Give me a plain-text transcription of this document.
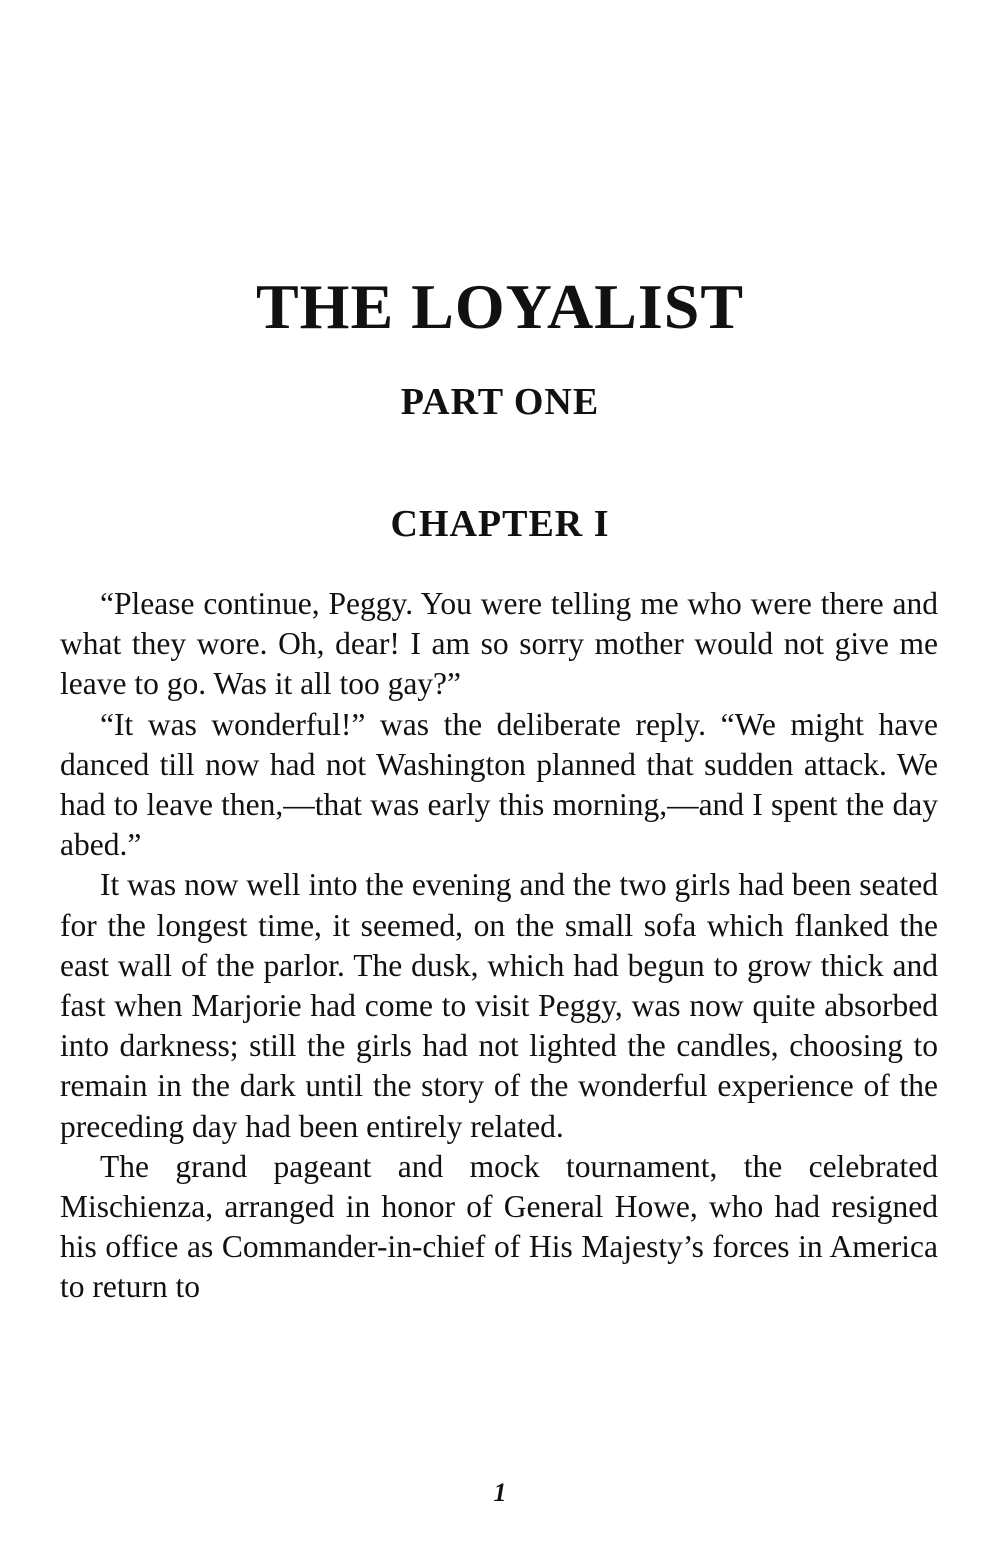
THE LOYALIST
PART ONE
CHAPTER I

“Please continue, Peggy. You were telling me who were there and what they wore. Oh, dear! I am so sorry mother would not give me leave to go. Was it all too gay?”

“It was wonderful!” was the deliberate reply. “We might have danced till now had not Washington planned that sudden attack. We had to leave then,—that was early this morning,—and I spent the day abed.”

It was now well into the evening and the two girls had been seated for the longest time, it seemed, on the small sofa which flanked the east wall of the parlor. The dusk, which had begun to grow thick and fast when Marjorie had come to visit Peggy, was now quite absorbed into darkness; still the girls had not lighted the candles, choosing to remain in the dark until the story of the wonderful experience of the preceding day had been entirely related.

The grand pageant and mock tournament, the celebrated Mischienza, arranged in honor of General Howe, who had resigned his office as Commander-in-chief of His Majesty’s forces in America to return to

1
